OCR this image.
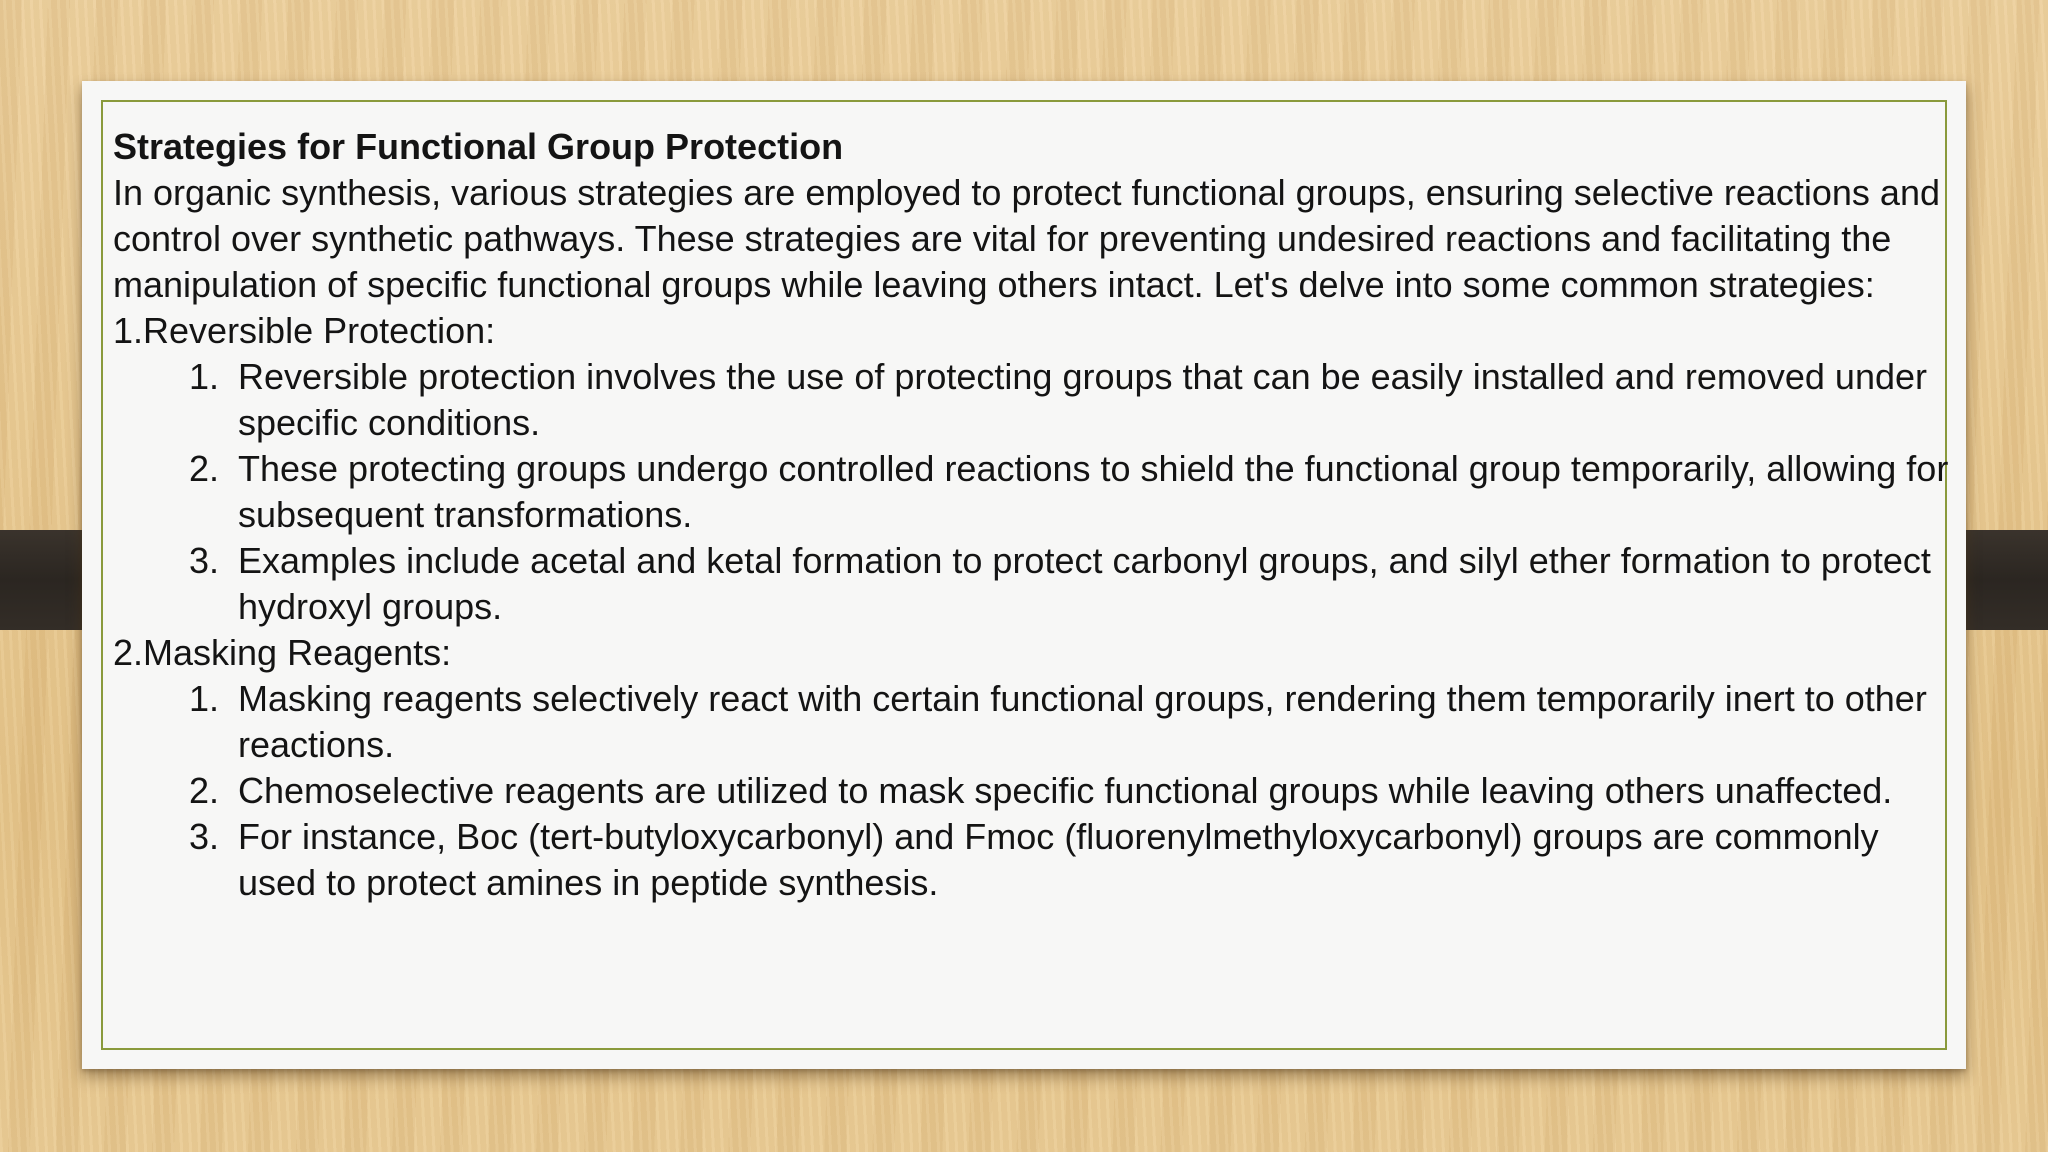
Strategies for Functional Group Protection

In organic synthesis, various strategies are employed to protect functional groups, ensuring selective reactions and control over synthetic pathways. These strategies are vital for preventing undesired reactions and facilitating the manipulation of specific functional groups while leaving others intact. Let's delve into some common strategies:

1.Reversible Protection:

1. Reversible protection involves the use of protecting groups that can be easily installed and removed under specific conditions.
2. These protecting groups undergo controlled reactions to shield the functional group temporarily, allowing for subsequent transformations.
3. Examples include acetal and ketal formation to protect carbonyl groups, and silyl ether formation to protect hydroxyl groups.

2.Masking Reagents:

1. Masking reagents selectively react with certain functional groups, rendering them temporarily inert to other reactions.
2. Chemoselective reagents are utilized to mask specific functional groups while leaving others unaffected.
3. For instance, Boc (tert-butyloxycarbonyl) and Fmoc (fluorenylmethyloxycarbonyl) groups are commonly used to protect amines in peptide synthesis.
